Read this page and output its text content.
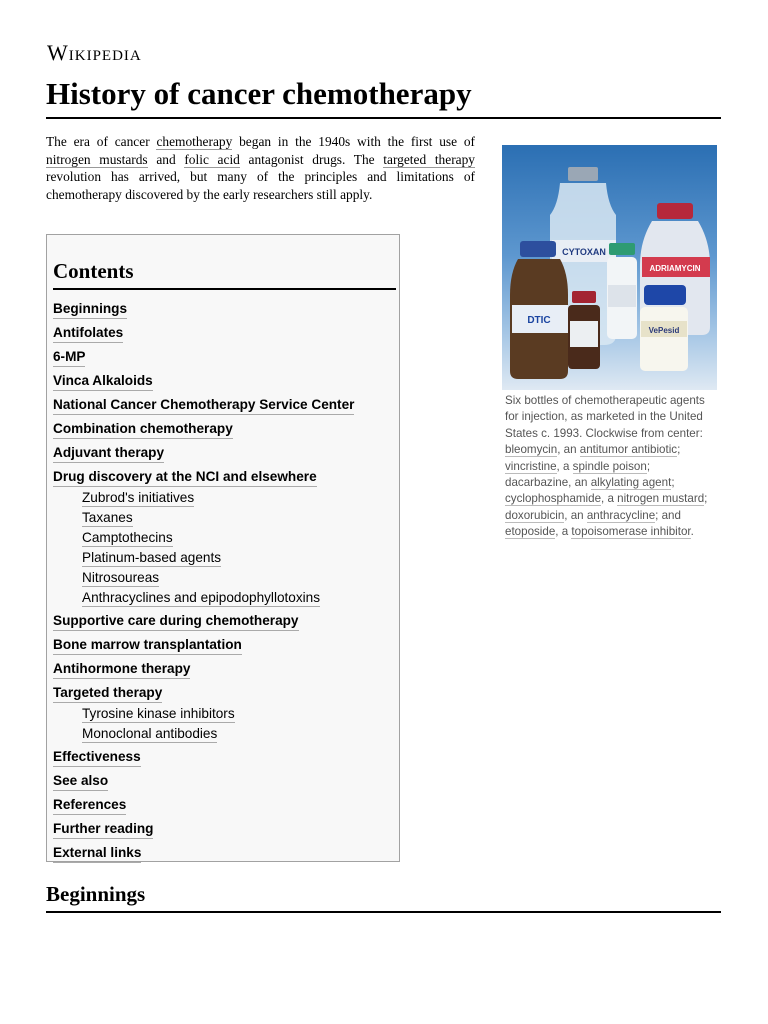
Wikipedia
History of cancer chemotherapy

The era of cancer chemotherapy began in the 1940s with the first use of nitrogen mustards and folic acid antagonist drugs. The targeted therapy revolution has arrived, but many of the principles and limitations of chemotherapy discovered by the early researchers still apply.

CYTOXAN
ADRIAMYCIN
DTIC
VePesid

Six bottles of chemotherapeutic agents for injection, as marketed in the United States c. 1993. Clockwise from center: bleomycin, an antitumor antibiotic; vincristine, a spindle poison; dacarbazine, an alkylating agent; cyclophosphamide, a nitrogen mustard; doxorubicin, an anthracycline; and etoposide, a topoisomerase inhibitor.

Contents
Beginnings
Antifolates
6-MP
Vinca Alkaloids
National Cancer Chemotherapy Service Center
Combination chemotherapy
Adjuvant therapy
Drug discovery at the NCI and elsewhere
Zubrod's initiatives
Taxanes
Camptothecins
Platinum-based agents
Nitrosoureas
Anthracyclines and epipodophyllotoxins
Supportive care during chemotherapy
Bone marrow transplantation
Antihormone therapy
Targeted therapy
Tyrosine kinase inhibitors
Monoclonal antibodies
Effectiveness
See also
References
Further reading
External links
Beginnings
